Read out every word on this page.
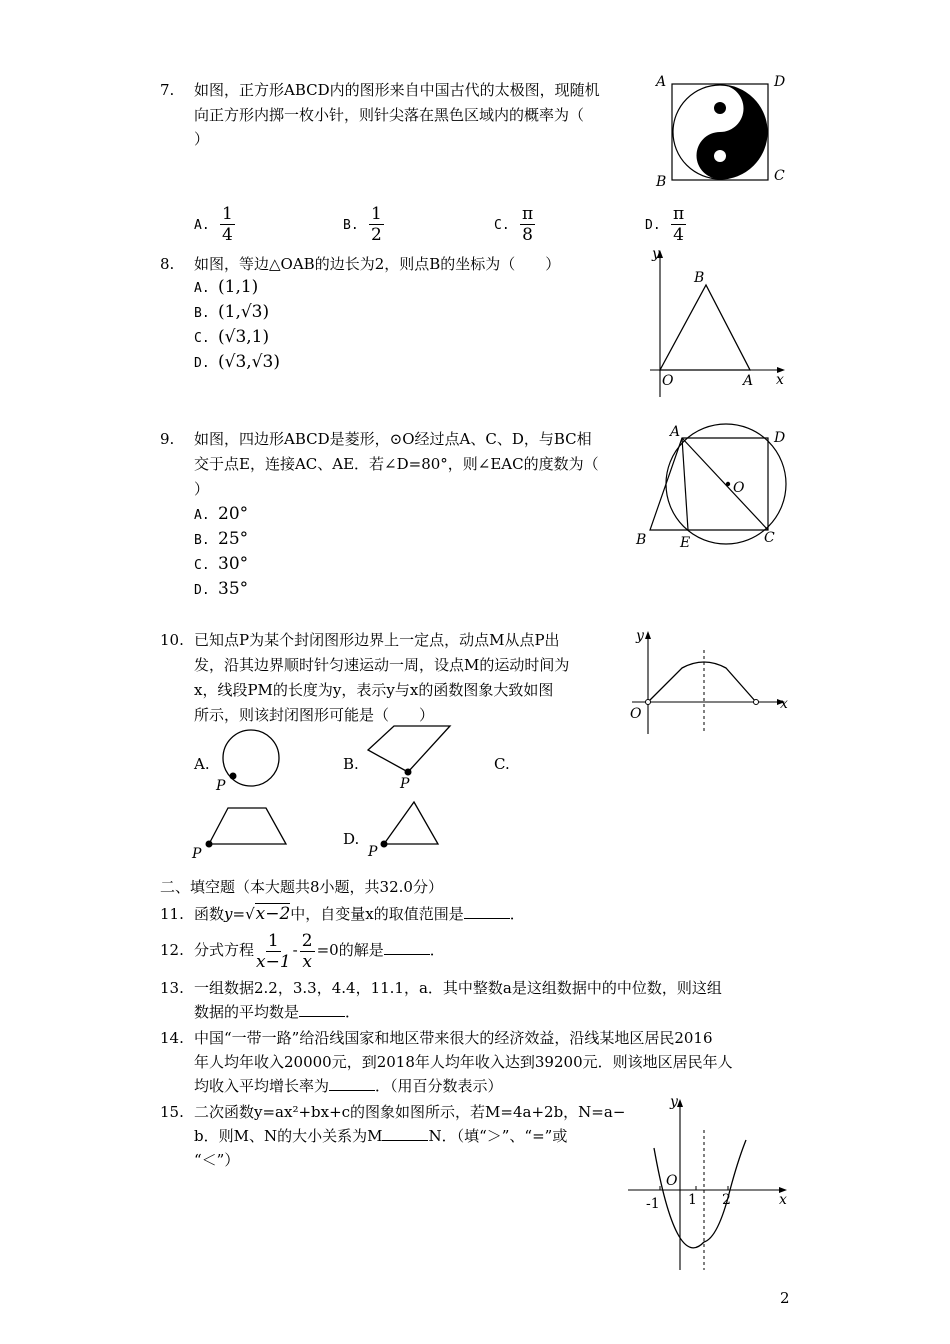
7. 如图，正方形ABCD内的图形来自中国古代的太极图，现随机
向正方形内掷一枚小针，则针尖落在黑色区域内的概率为（
）
A	D
B	C
A. $\frac{1}{4}$	B. $\frac{1}{2}$	C. $\frac{\pi}{8}$	D. $\frac{\pi}{4}$
8. 如图，等边△OAB的边长为2，则点B的坐标为（　　）
A. (1,1)
B. (1,√3)
C. (√3,1)
D. (√3,√3)
y
x
O	A
B
9. 如图，四边形ABCD是菱形，⊙O经过点A、C、D，与BC相
交于点E，连接AC、AE．若∠D=80°，则∠EAC的度数为（
）
A. 20°
B. 25°
C. 30°
D. 35°
A	D
B	C
E
O
10. 已知点P为某个封闭图形边界上一定点，动点M从点P出
发，沿其边界顺时针匀速运动一周，设点M的运动时间为
x，线段PM的长度为y，表示y与x的函数图象大致如图
所示，则该封闭图形可能是（　　）
y
x
O
A.
P
B.
P
C.
P
D.
P
二、填空题（本大题共8小题，共32.0分）
11. 函数y=√x−2中，自变量x的取值范围是	．
12. 分式方程 $\frac{1}{x-1} - \frac{2}{x} =0$的解是	．
13. 一组数据2.2，3.3，4.4，11.1，a．其中整数a是这组数据中的中位数，则这组
数据的平均数是	．
14. 中国“一带一路”给沿线国家和地区带来很大的经济效益，沿线某地区居民2016
年人均年收入20000元，到2018年人均年收入达到39200元．则该地区居民年人
均收入平均增长率为	．（用百分数表示）
15. 二次函数y=ax²+bx+c的图象如图所示，若M=4a+2b，N=a−
b．则M、N的大小关系为M	N．（填“＞”、“=”或
“＜”）
y
x
O
-1 1 2
2
